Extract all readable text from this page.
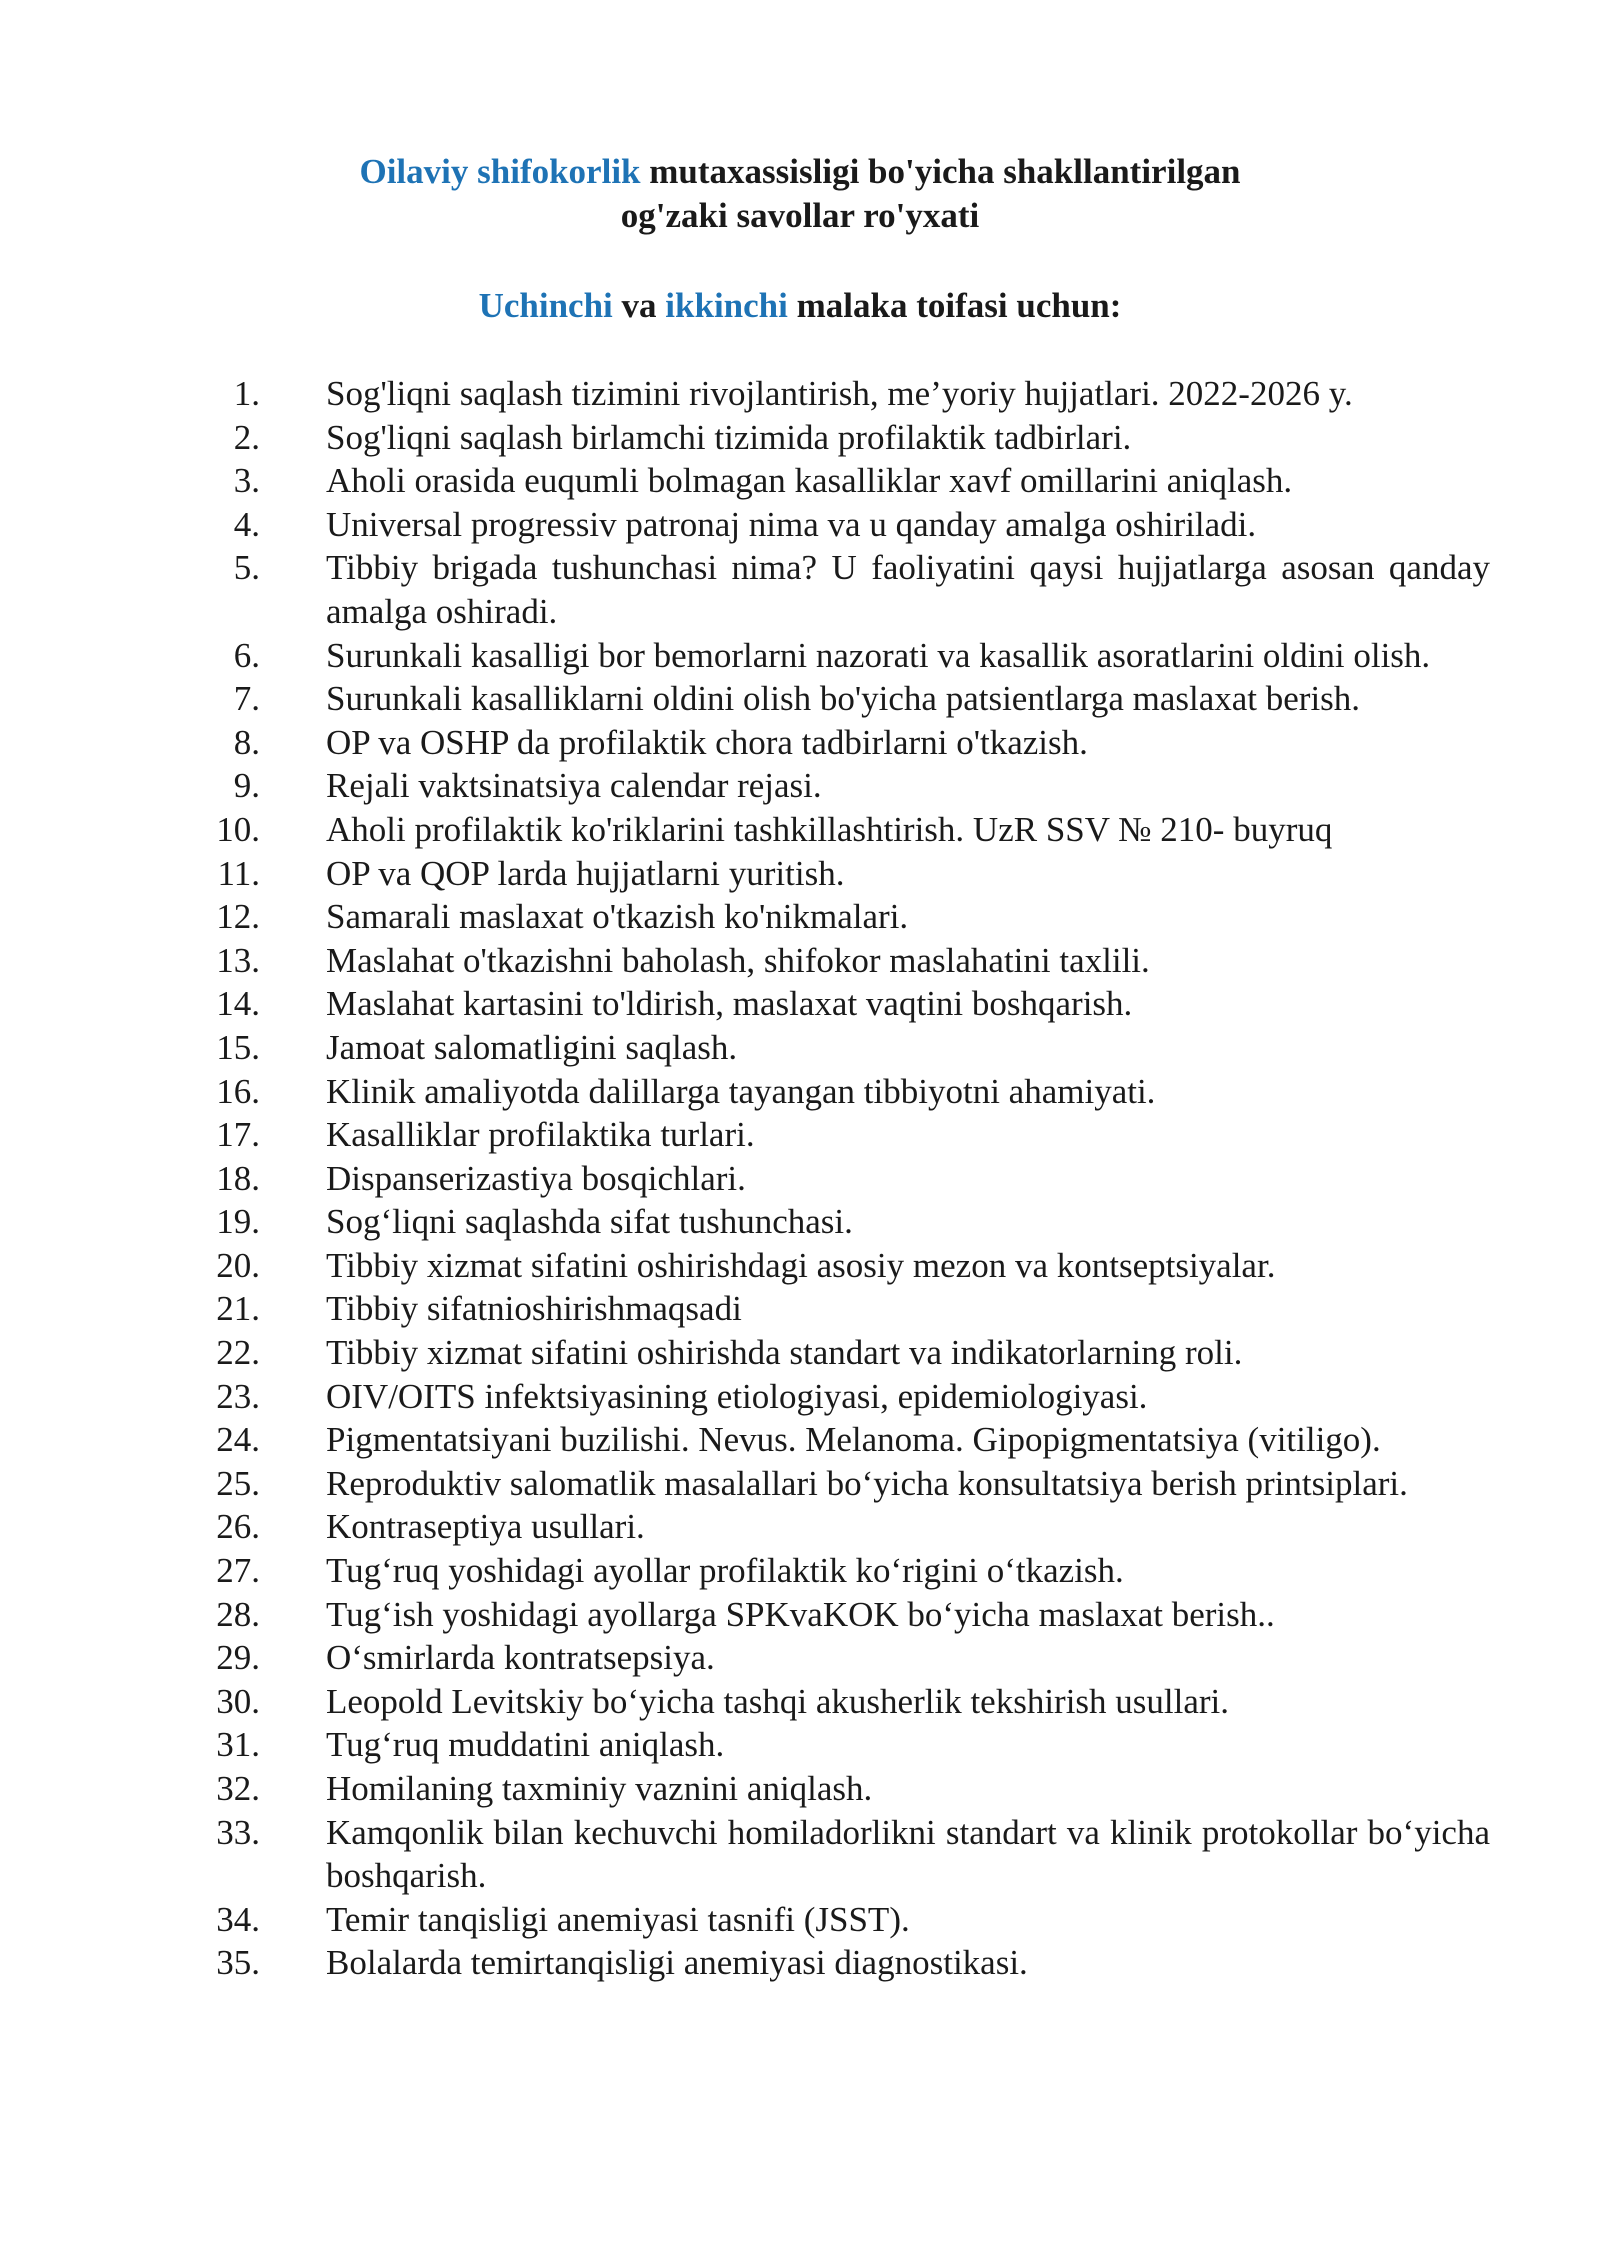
Oilaviy shifokorlik mutaxassisligi bo'yicha shakllantirilgan
og'zaki savollar ro'yxati
Uchinchi va ikkinchi malaka toifasi uchun:
1. Sog'liqni saqlash tizimini rivojlantirish, me’yoriy hujjatlari. 2022-2026 y.
2. Sog'liqni saqlash birlamchi tizimida profilaktik tadbirlari.
3. Aholi orasida euqumli bolmagan kasalliklar xavf omillarini aniqlash.
4. Universal progressiv patronaj nima va u qanday amalga oshiriladi.
5. Tibbiy brigada tushunchasi nima? U faoliyatini qaysi hujjatlarga asosan qanday amalga oshiradi.
6. Surunkali kasalligi bor bemorlarni nazorati va kasallik asoratlarini oldini olish.
7. Surunkali kasalliklarni oldini olish bo'yicha patsientlarga maslaxat berish.
8. OP va OSHP da profilaktik chora tadbirlarni o'tkazish.
9. Rejali vaktsinatsiya calendar rejasi.
10. Aholi profilaktik ko'riklarini tashkillashtirish. UzR SSV № 210- buyruq
11. OP va QOP larda hujjatlarni yuritish.
12. Samarali maslaxat o'tkazish ko'nikmalari.
13. Maslahat o'tkazishni baholash, shifokor maslahatini taxlili.
14. Maslahat kartasini to'ldirish, maslaxat vaqtini boshqarish.
15. Jamoat salomatligini saqlash.
16. Klinik amaliyotda dalillarga tayangan tibbiyotni ahamiyati.
17. Kasalliklar profilaktika turlari.
18. Dispanserizastiya bosqichlari.
19. Sog‘liqni saqlashda sifat tushunchasi.
20. Tibbiy xizmat sifatini oshirishdagi asosiy mezon va kontseptsiyalar.
21. Tibbiy sifatnioshirishmaqsadi
22. Tibbiy xizmat sifatini oshirishda standart va indikatorlarning roli.
23. OIV/OITS infektsiyasining etiologiyasi, epidemiologiyasi.
24. Pigmentatsiyani buzilishi. Nevus. Melanoma. Gipopigmentatsiya (vitiligo).
25. Reproduktiv salomatlik masalallari bo‘yicha konsultatsiya berish printsiplari.
26. Kontraseptiya usullari.
27. Tug‘ruq yoshidagi ayollar profilaktik ko‘rigini o‘tkazish.
28. Tug‘ish yoshidagi ayollarga SPKvaKOK bo‘yicha maslaxat berish..
29. O‘smirlarda kontratsepsiya.
30. Leopold Levitskiy bo‘yicha tashqi akusherlik tekshirish usullari.
31. Tug‘ruq muddatini aniqlash.
32. Homilaning taxminiy vaznini aniqlash.
33. Kamqonlik bilan kechuvchi homiladorlikni standart va klinik protokollar bo‘yicha boshqarish.
34. Temir tanqisligi anemiyasi tasnifi (JSST).
35. Bolalarda temirtanqisligi anemiyasi diagnostikasi.
